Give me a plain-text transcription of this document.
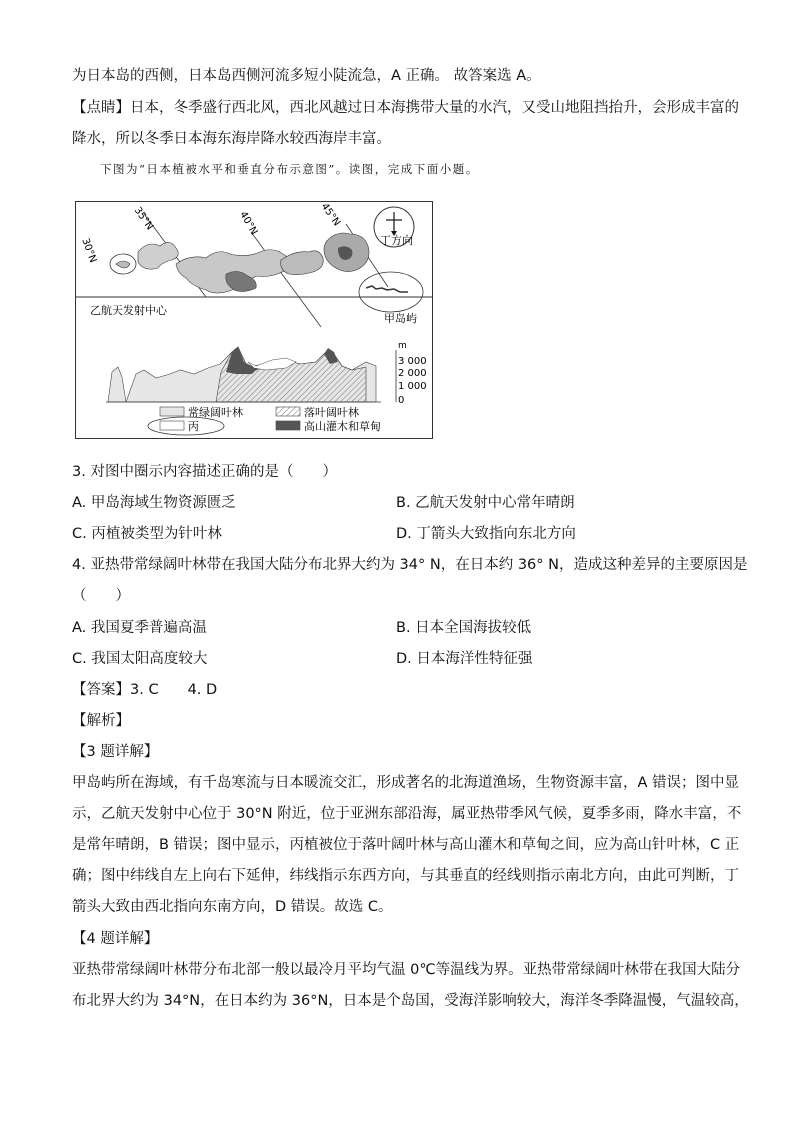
为日本岛的西侧，日本岛西侧河流多短小陡流急，A 正确。 故答案选 A。

【点睛】日本，冬季盛行西北风，西北风越过日本海携带大量的水汽，又受山地阻挡抬升，会形成丰富的

降水，所以冬季日本海东海岸降水较西海岸丰富。

下图为“日本植被水平和垂直分布示意图”。读图，完成下面小题。
丁方向
30°N
35°N	40°N	45°N
乙航天发射中心
甲岛屿
m
3 000
2 000
1 000
0
常绿阔叶林	落叶阔叶林
丙	高山灌木和草甸

3. 对图中圈示内容描述正确的是（　　）

A. 甲岛海域生物资源匮乏	B. 乙航天发射中心常年晴朗
C. 丙植被类型为针叶林	D. 丁箭头大致指向东北方向

4. 亚热带常绿阔叶林带在我国大陆分布北界大约为 34° N，在日本约 36° N，造成这种差异的主要原因是

（　　）

A. 我国夏季普遍高温	B. 日本全国海拔较低
C. 我国太阳高度较大	D. 日本海洋性特征强

【答案】3. C　　4. D

【解析】

【3 题详解】

甲岛屿所在海域，有千岛寒流与日本暖流交汇，形成著名的北海道渔场，生物资源丰富，A 错误；图中显

示，乙航天发射中心位于 30°N 附近，位于亚洲东部沿海，属亚热带季风气候，夏季多雨，降水丰富，不

是常年晴朗，B 错误；图中显示，丙植被位于落叶阔叶林与高山灌木和草甸之间，应为高山针叶林，C 正

确；图中纬线自左上向右下延伸，纬线指示东西方向，与其垂直的经线则指示南北方向，由此可判断，丁

箭头大致由西北指向东南方向，D 错误。故选 C。

【4 题详解】

亚热带常绿阔叶林带分布北部一般以最冷月平均气温 0℃等温线为界。亚热带常绿阔叶林带在我国大陆分

布北界大约为 34°N，在日本约为 36°N，日本是个岛国，受海洋影响较大，海洋冬季降温慢，气温较高，
